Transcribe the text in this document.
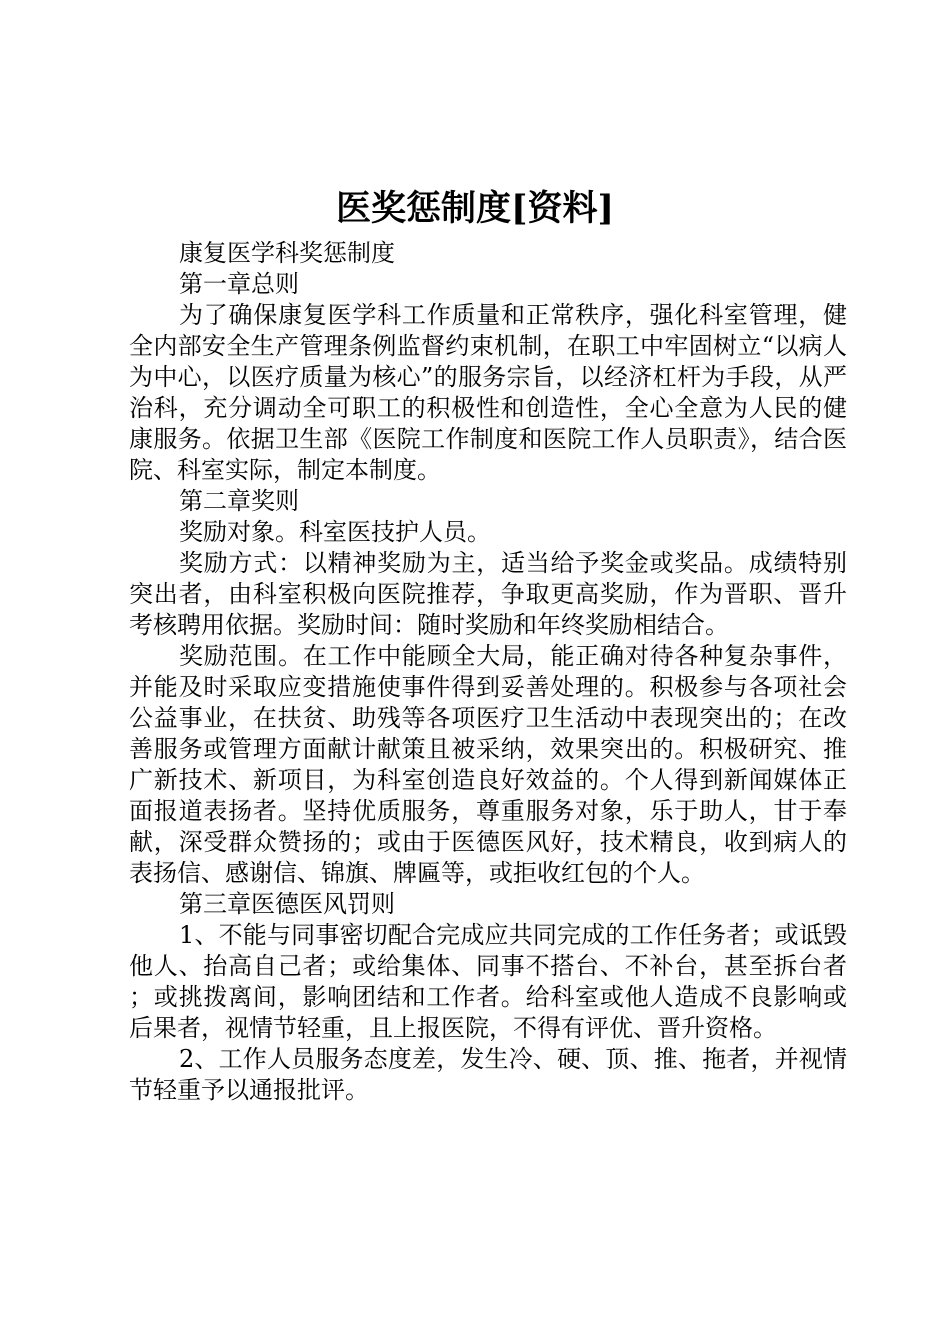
医奖惩制度[资料]

康复医学科奖惩制度

第一章总则

为了确保康复医学科工作质量和正常秩序，强化科室管理，健全内部安全生产管理条例监督约束机制，在职工中牢固树立“以病人为中心，以医疗质量为核心”的服务宗旨，以经济杠杆为手段，从严治科，充分调动全可职工的积极性和创造性，全心全意为人民的健康服务。依据卫生部《医院工作制度和医院工作人员职责》，结合医院、科室实际，制定本制度。

第二章奖则

奖励对象。科室医技护人员。

奖励方式：以精神奖励为主，适当给予奖金或奖品。成绩特别突出者，由科室积极向医院推荐，争取更高奖励，作为晋职、晋升考核聘用依据。奖励时间：随时奖励和年终奖励相结合。

奖励范围。在工作中能顾全大局，能正确对待各种复杂事件，并能及时采取应变措施使事件得到妥善处理的。积极参与各项社会公益事业，在扶贫、助残等各项医疗卫生活动中表现突出的；在改善服务或管理方面献计献策且被采纳，效果突出的。积极研究、推广新技术、新项目，为科室创造良好效益的。个人得到新闻媒体正面报道表扬者。坚持优质服务，尊重服务对象，乐于助人，甘于奉献，深受群众赞扬的；或由于医德医风好，技术精良，收到病人的表扬信、感谢信、锦旗、牌匾等，或拒收红包的个人。

第三章医德医风罚则

1、不能与同事密切配合完成应共同完成的工作任务者；或诋毁他人、抬高自己者；或给集体、同事不搭台、不补台，甚至拆台者；或挑拨离间，影响团结和工作者。给科室或他人造成不良影响或后果者，视情节轻重，且上报医院，不得有评优、晋升资格。

2、工作人员服务态度差，发生冷、硬、顶、推、拖者，并视情节轻重予以通报批评。
